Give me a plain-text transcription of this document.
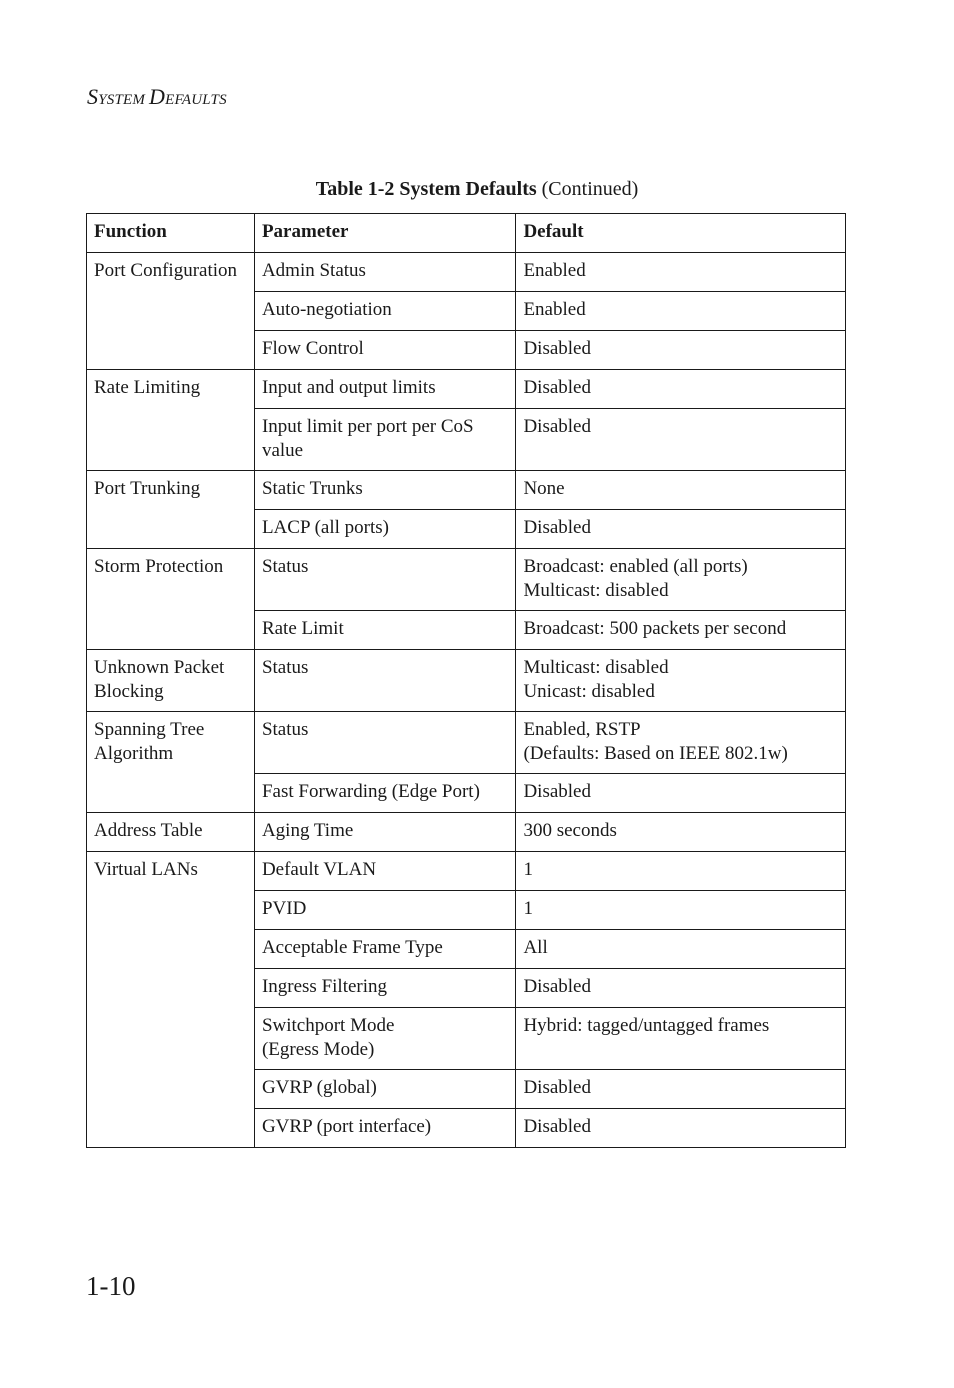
SYSTEM DEFAULTS
Table 1-2 System Defaults (Continued)
Function	Parameter	Default
Port Configuration	Admin Status	Enabled

	Auto-negotiation	Enabled

	Flow Control	Disabled

Rate Limiting	Input and output limits	Disabled

	Input limit per port per CoS value	Disabled

Port Trunking	Static Trunks	None

	LACP (all ports)	Disabled

Storm Protection	Status	Broadcast: enabled (all ports)
Multicast: disabled

	Rate Limit	Broadcast: 500 packets per second

Unknown Packet Blocking	Status	Multicast: disabled
Unicast: disabled

Spanning Tree Algorithm	Status	Enabled, RSTP
(Defaults: Based on IEEE 802.1w)

	Fast Forwarding (Edge Port)	Disabled

Address Table	Aging Time	300 seconds

Virtual LANs	Default VLAN	1

	PVID	1

	Acceptable Frame Type	All

	Ingress Filtering	Disabled

	Switchport Mode
(Egress Mode)	Hybrid: tagged/untagged frames

	GVRP (global)	Disabled

	GVRP (port interface)	Disabled
1-10
